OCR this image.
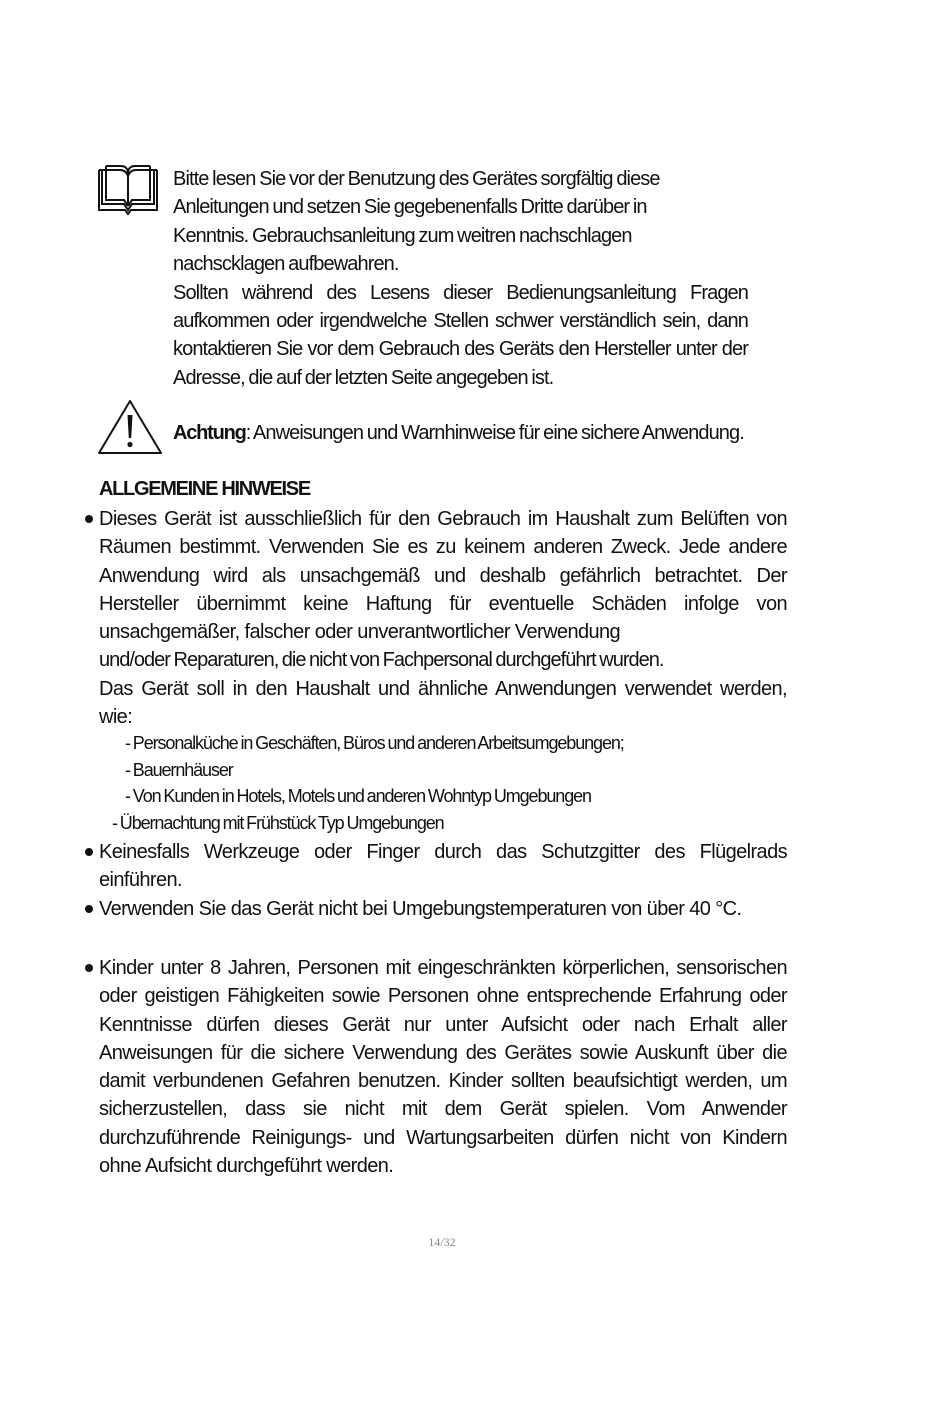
Bitte lesen Sie vor der Benutzung des Gerätes sorgfältig diese

Anleitungen und setzen Sie gegebenenfalls Dritte darüber in

Kenntnis. Gebrauchsanleitung zum weitren nachschlagen

nachscklagen aufbewahren.

Sollten während des Lesens dieser Bedienungsanleitung Fragen aufkommen oder irgendwelche Stellen schwer verständlich sein, dann kontaktieren Sie vor dem Gebrauch des Geräts den Hersteller unter der Adresse, die auf der letzten Seite angegeben ist.

Achtung: Anweisungen und Warnhinweise für eine sichere Anwendung.

ALLGEMEINE HINWEISE

Dieses Gerät ist ausschließlich für den Gebrauch im Haushalt zum Belüften von Räumen bestimmt. Verwenden Sie es zu keinem anderen Zweck. Jede andere Anwendung wird als unsachgemäß und deshalb gefährlich betrachtet. Der Hersteller übernimmt keine Haftung für eventuelle Schäden infolge von unsachgemäßer, falscher oder unverantwortlicher Verwendung

und/oder Reparaturen, die nicht von Fachpersonal durchgeführt wurden.

Das Gerät soll in den Haushalt und ähnliche Anwendungen verwendet werden, wie:

- Personalküche in Geschäften, Büros und anderen Arbeitsumgebungen;
- Bauernhäuser
- Von Kunden in Hotels, Motels und anderen Wohntyp Umgebungen
- Übernachtung mit Frühstück Typ Umgebungen

Keinesfalls Werkzeuge oder Finger durch das Schutzgitter des Flügelrads einführen.

Verwenden Sie das Gerät nicht bei Umgebungstemperaturen von über 40 °C.

Kinder unter 8 Jahren, Personen mit eingeschränkten körperlichen, sensorischen oder geistigen Fähigkeiten sowie Personen ohne entsprechende Erfahrung oder Kenntnisse dürfen dieses Gerät nur unter Aufsicht oder nach Erhalt aller Anweisungen für die sichere Verwendung des Gerätes sowie Auskunft über die damit verbundenen Gefahren benutzen. Kinder sollten beaufsichtigt werden, um sicherzustellen, dass sie nicht mit dem Gerät spielen. Vom Anwender durchzuführende Reinigungs- und Wartungsarbeiten dürfen nicht von Kindern ohne Aufsicht durchgeführt werden.

14/32
